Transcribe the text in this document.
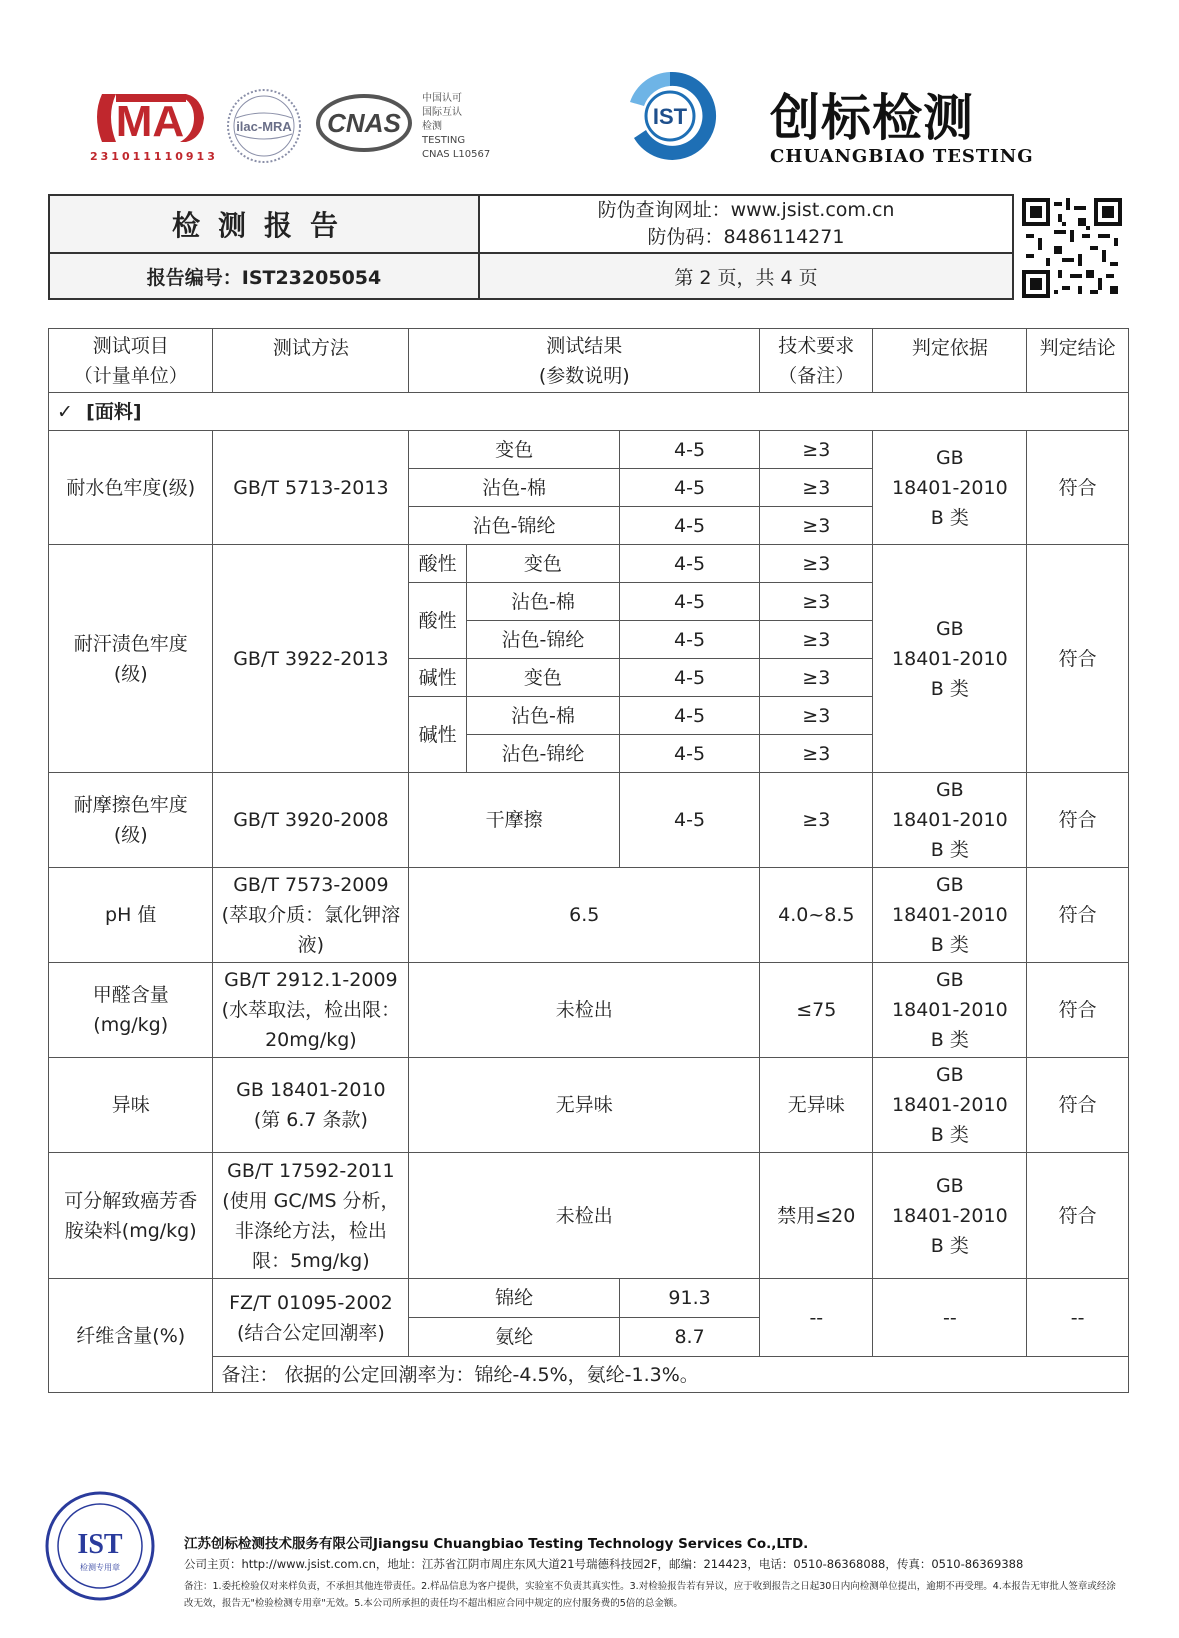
MA
231011110913
ilac-MRA CNAS
中国认可
国际互认
检测
TESTING
CNAS L10567
IST 创标检测
CHUANGBIAO TESTING
检测报告	防伪查询网址：www.jsist.com.cn
防伪码：8486114271
报告编号：IST23205054	第 2 页，共 4 页
测试项目
（计量单位）	测试方法	测试结果
(参数说明)			技术要求
（备注）	判定依据	判定结论
✓ [面料]							
耐水色牢度(级)	GB/T 5713-2013	变色		4-5	≥3	GB
18401-2010
B 类	符合
		沾色-棉		4-5	≥3		
		沾色-锦纶		4-5	≥3		
耐汗渍色牢度
(级)	GB/T 3922-2013	酸性	变色	4-5	≥3	GB
18401-2010
B 类	符合
		酸性	沾色-棉	4-5	≥3		
			沾色-锦纶	4-5	≥3		
		碱性	变色	4-5	≥3		
		碱性	沾色-棉	4-5	≥3		
			沾色-锦纶	4-5	≥3		
耐摩擦色牢度
(级)	GB/T 3920-2008	干摩擦		4-5	≥3	GB
18401-2010
B 类	符合
pH 值	GB/T 7573-2009
(萃取介质：氯化钾溶
液)	6.5			4.0~8.5	GB
18401-2010
B 类	符合
甲醛含量
(mg/kg)	GB/T 2912.1-2009
(水萃取法，检出限：
20mg/kg)	未检出			≤75	GB
18401-2010
B 类	符合
异味	GB 18401-2010
(第 6.7 条款)	无异味			无异味	GB
18401-2010
B 类	符合
可分解致癌芳香
胺染料(mg/kg)	GB/T 17592-2011
(使用 GC/MS 分析，
非涤纶方法，检出
限：5mg/kg)	未检出			禁用≤20	GB
18401-2010
B 类	符合
纤维含量(%)	FZ/T 01095-2002
(结合公定回潮率)	锦纶		91.3	--	--	--
		氨纶		8.7			
	备注： 依据的公定回潮率为：锦纶-4.5%，氨纶-1.3%。						
IST
检测专用章
江苏创标检测技术服务有限公司Jiangsu Chuangbiao Testing Technology Services Co.,LTD.
公司主页：http://www.jsist.com.cn，地址：江苏省江阴市周庄东风大道21号瑞德科技园2F，邮编：214423，电话：0510-86368088，传真：0510-86369388
备注：1.委托检验仅对来样负责，不承担其他连带责任。2.样品信息为客户提供，实验室不负责其真实性。3.对检验报告若有异议，应于收到报告之日起30日内向检测单位提出，逾期不再受理。4.本报告无审批人签章或经涂改无效，报告无"检验检测专用章"无效。5.本公司所承担的责任均不超出相应合同中规定的应付服务费的5倍的总金额。
